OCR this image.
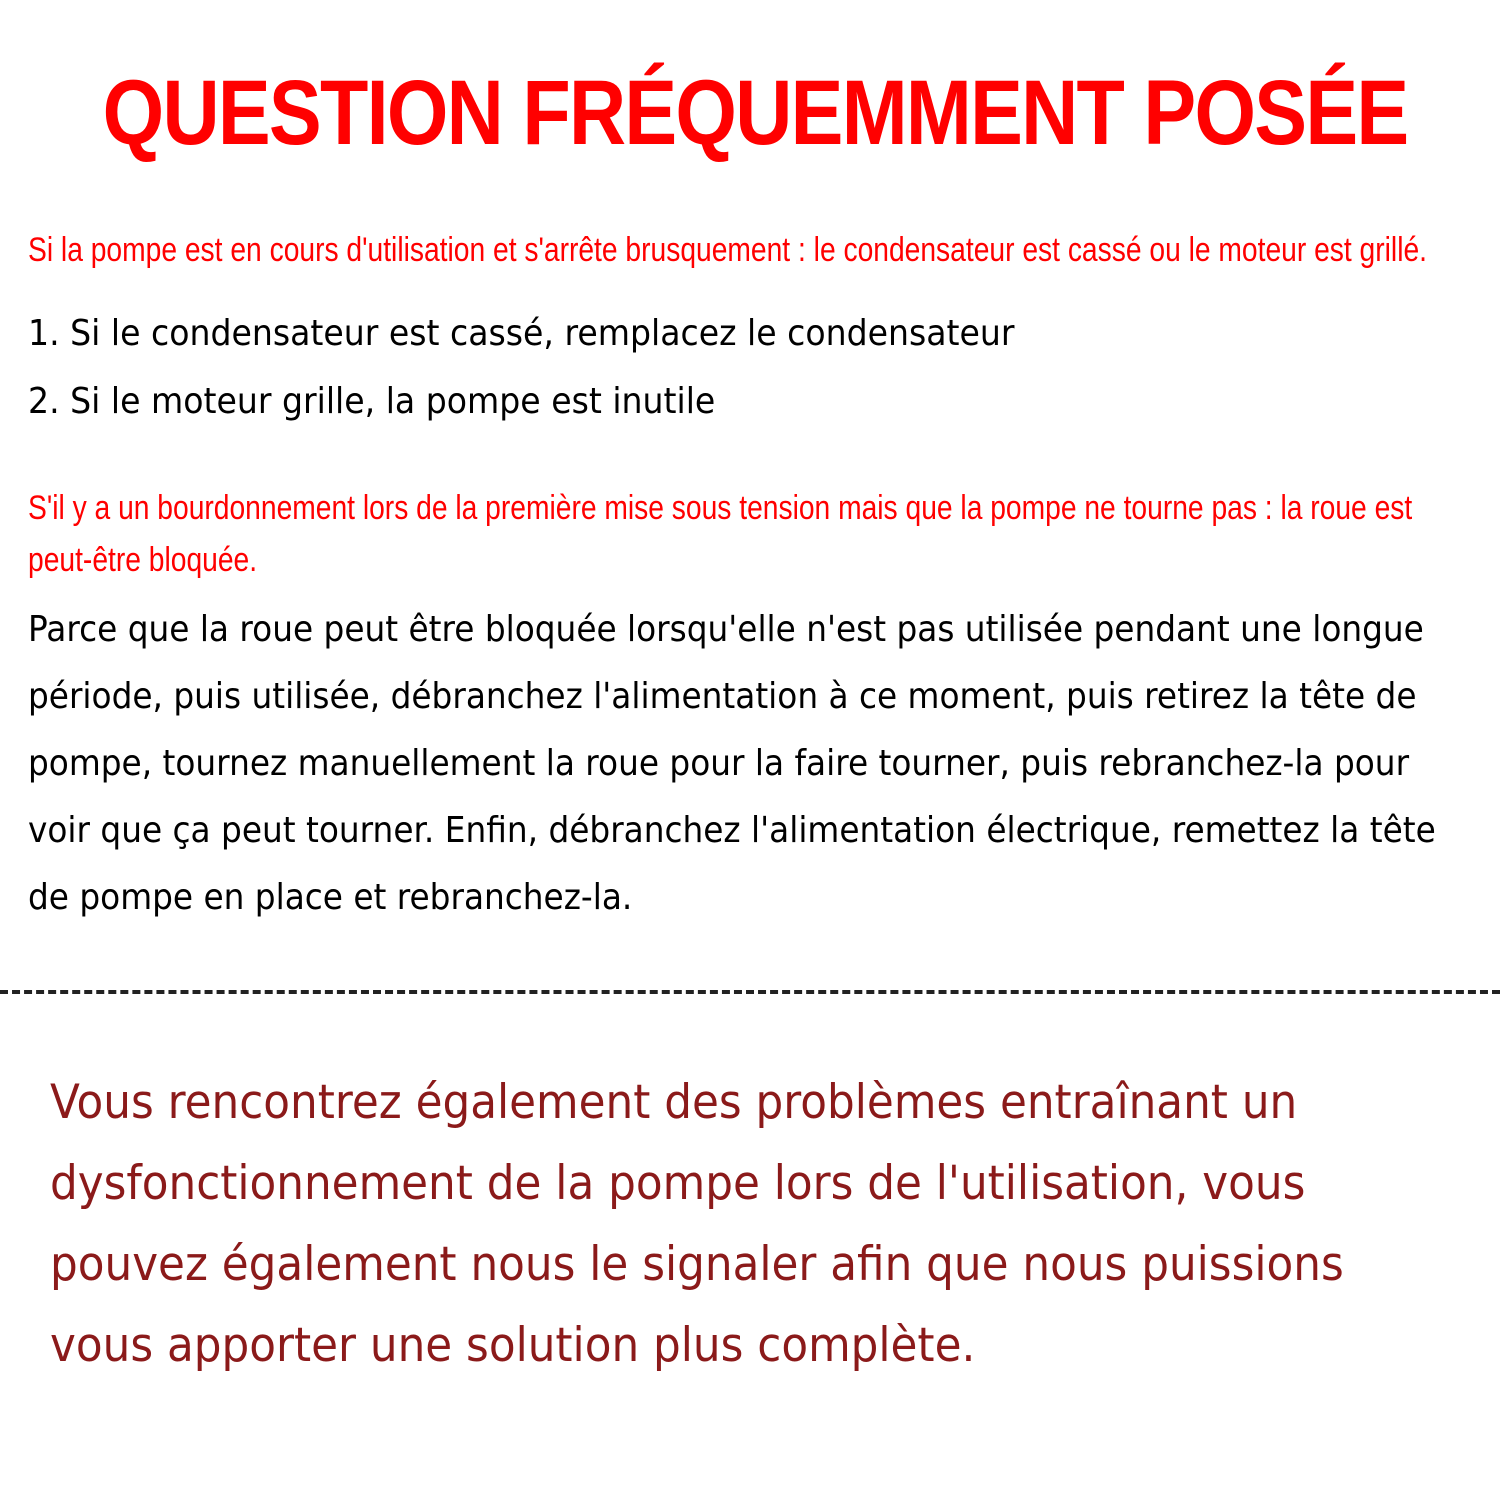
QUESTION FRÉQUEMMENT POSÉE

Si la pompe est en cours d'utilisation et s'arrête brusquement : le condensateur est cassé ou le moteur est grillé.

1. Si le condensateur est cassé, remplacez le condensateur
2. Si le moteur grille, la pompe est inutile

S'il y a un bourdonnement lors de la première mise sous tension mais que la pompe ne tourne pas : la roue est
peut-être bloquée.

Parce que la roue peut être bloquée lorsqu'elle n'est pas utilisée pendant une longue
période, puis utilisée, débranchez l'alimentation à ce moment, puis retirez la tête de
pompe, tournez manuellement la roue pour la faire tourner, puis rebranchez-la pour
voir que ça peut tourner. Enfin, débranchez l'alimentation électrique, remettez la tête
de pompe en place et rebranchez-la.

Vous rencontrez également des problèmes entraînant un
dysfonctionnement de la pompe lors de l'utilisation, vous
pouvez également nous le signaler afin que nous puissions
vous apporter une solution plus complète.
